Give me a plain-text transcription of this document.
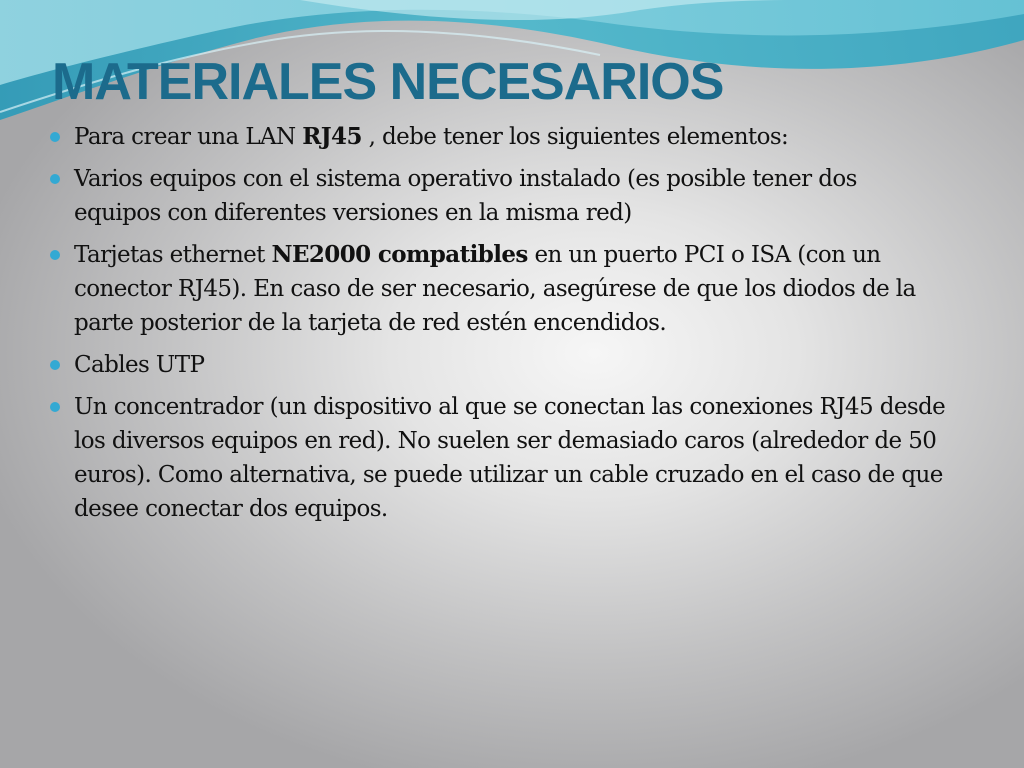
MATERIALES NECESARIOS
Para crear una LAN RJ45 , debe tener los siguientes elementos:
Varios equipos con el sistema operativo instalado (es posible tener dos equipos con diferentes versiones en la misma red)
Tarjetas ethernet NE2000 compatibles en un puerto PCI o ISA (con un conector RJ45). En caso de ser necesario, asegúrese de que los diodos de la parte posterior de la tarjeta de red estén encendidos.
Cables UTP
Un concentrador (un dispositivo al que se conectan las conexiones RJ45 desde los diversos equipos en red). No suelen ser demasiado caros (alrededor de 50 euros). Como alternativa, se puede utilizar un cable cruzado en el caso de que desee conectar dos equipos.
